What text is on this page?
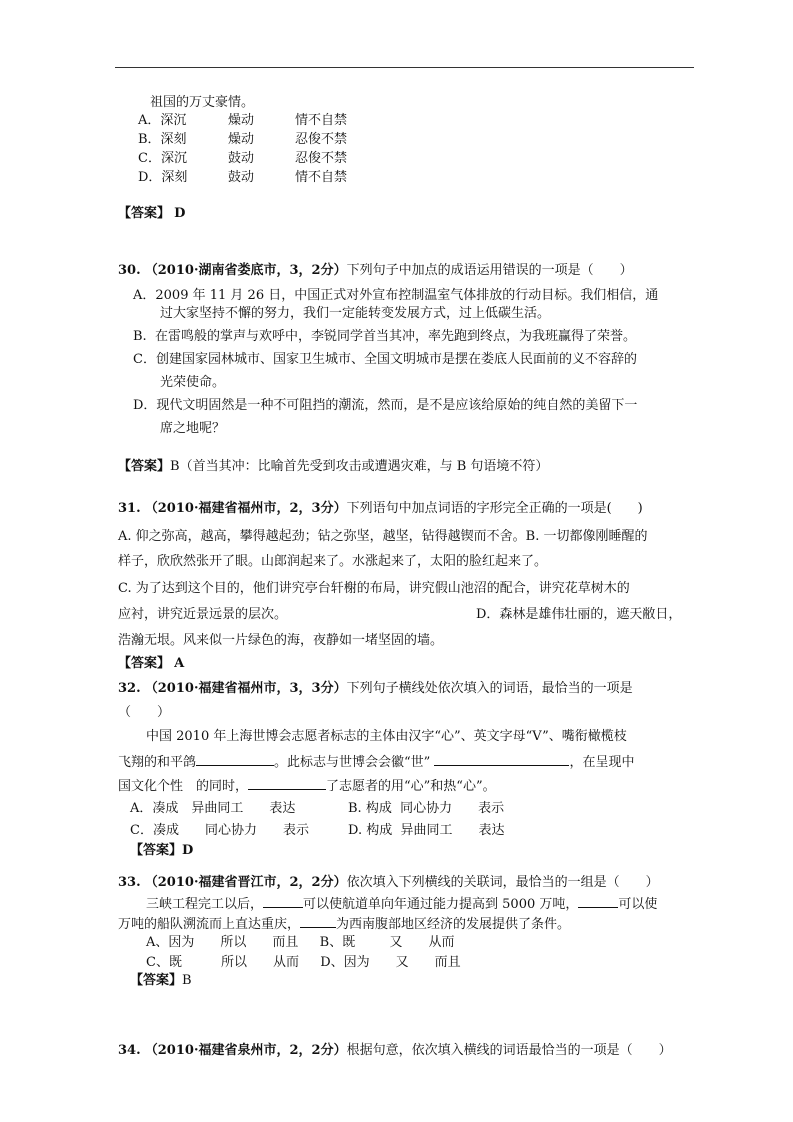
祖国的万丈豪情。
A．深沉	燥动	情不自禁
B．深刻	燥动	忍俊不禁
C．深沉	鼓动	忍俊不禁
D．深刻	鼓动	情不自禁
【答案】 D
30. （2010·湖南省娄底市，3，2分）下列句子中加点的成语运用错误的一项是（　　）
A．2009 年 11 月 26 日，中国正式对外宣布控制温室气体排放的行动目标。我们相信，通
过大家坚持不懈的努力，我们一定能转变发展方式，过上低碳生活。
B.  在雷鸣般的掌声与欢呼中，李锐同学首当其冲，率先跑到终点，为我班赢得了荣誉。
C．创建国家园林城市、国家卫生城市、全国文明城市是摆在娄底人民面前的义不容辞的
光荣使命。
D．现代文明固然是一种不可阻挡的潮流，然而，是不是应该给原始的纯自然的美留下一
席之地呢？
【答案】B（首当其冲：比喻首先受到攻击或遭遇灾难，与 B 句语境不符）
31. （2010·福建省福州市，2，3分）下列语句中加点词语的字形完全正确的一项是(　　)
A. 仰之弥高，越高，攀得越起劲；钻之弥坚，越坚，钻得越锲而不舍。B. 一切都像刚睡醒的
样子，欣欣然张开了眼。山郎润起来了。水涨起来了，太阳的脸红起来了。
C. 为了达到这个目的，他们讲究亭台轩榭的布局，讲究假山池沼的配合，讲究花草树木的
应衬，讲究近景远景的层次。	D．森林是雄伟壮丽的，遮天敝日，
浩瀚无垠。风来似一片绿色的海，夜静如一堵坚固的墙。
【答案】 A
32. （2010·福建省福州市，3，3分）下列句子横线处依次填入的词语，最恰当的一项是
（　　）
中国 2010 年上海世博会志愿者标志的主体由汉字“心”、英文字母“V”、嘴衔橄榄枝
飞翔的和平鸽	。此标志与世博会会徽“世”	，在呈现中
国文化个性　的同时，	了志愿者的用“心”和热“心”。
A．凑成　异曲同工　　表达	B. 构成  同心协力　　表示
C．凑成　　同心协力　　表示	D. 构成  异曲同工　　表达
【答案】D
33. （2010·福建省晋江市，2，2分）依次填入下列横线的关联词，最恰当的一组是（　　）
三峡工程完工以后，	可以使航道单向年通过能力提高到 5000 万吨，	可以使
万吨的船队溯流而上直达重庆，	为西南腹部地区经济的发展提供了条件。
A、因为　　所以　　而且　  B、既　　  又　　从而
C、既　　　所以　　从而　  D、因为　　又　　而且
【答案】B
34. （2010·福建省泉州市，2，2分）根据句意，依次填入横线的词语最恰当的一项是（　　）
